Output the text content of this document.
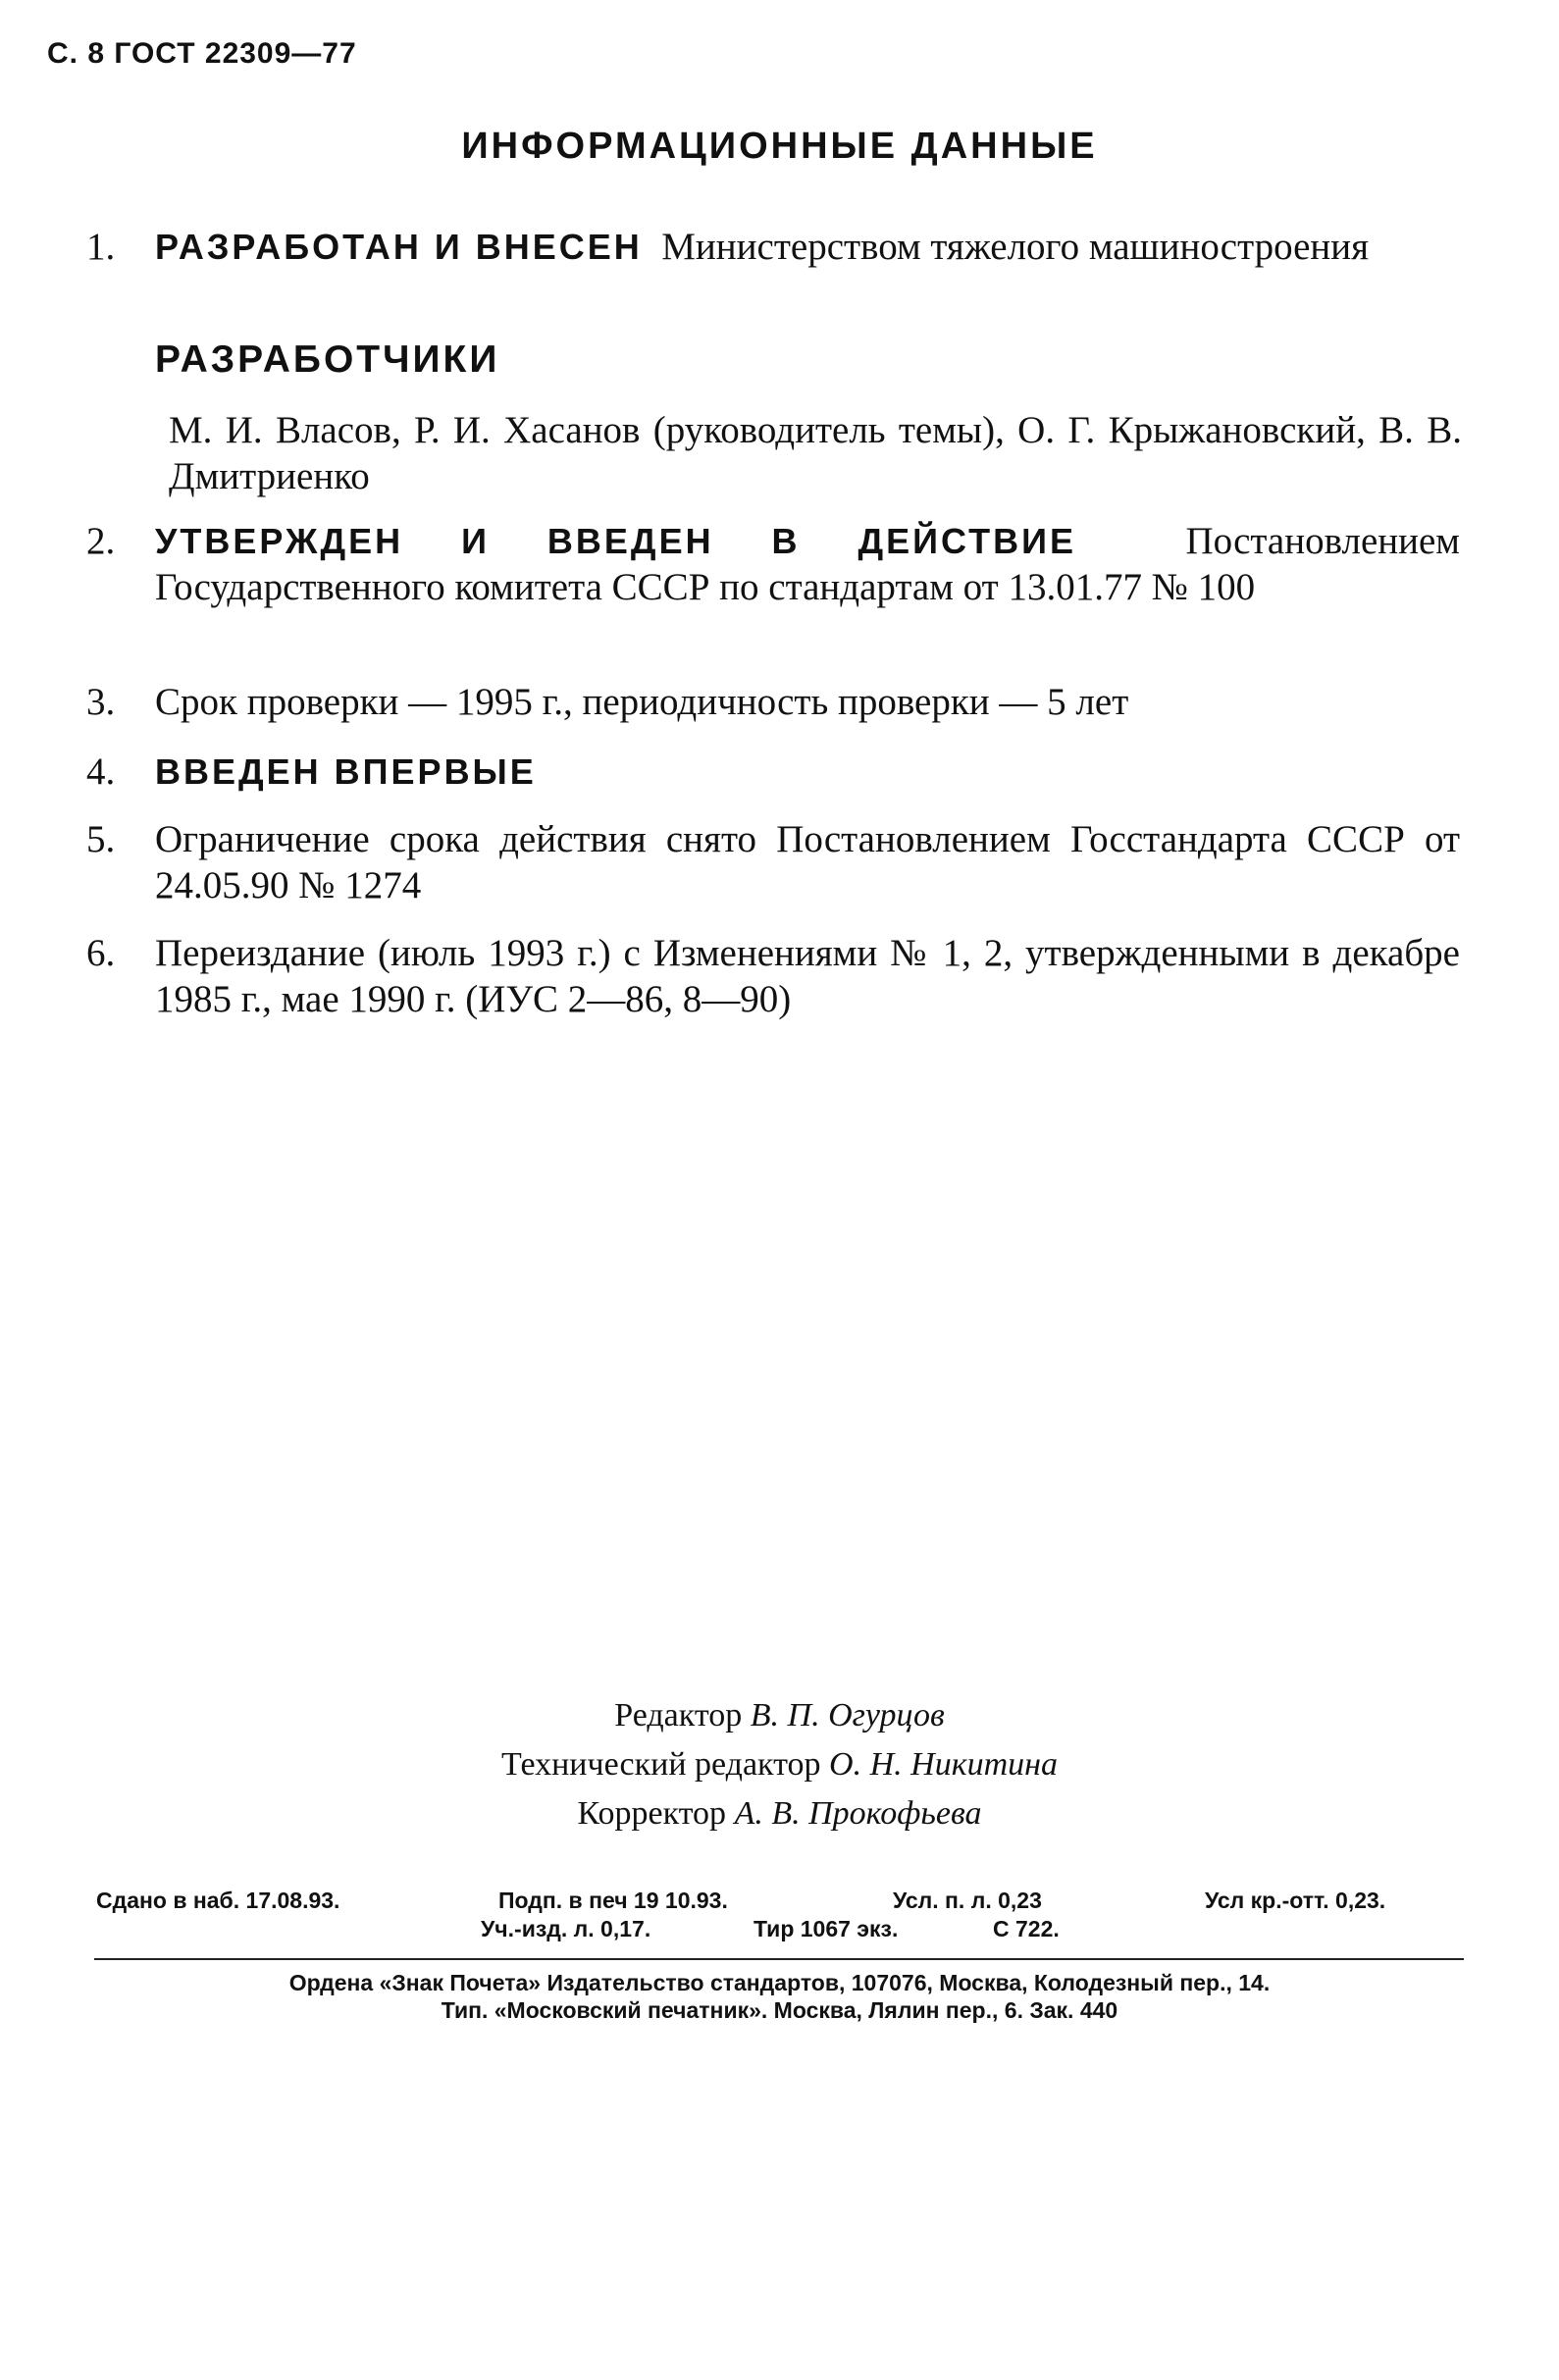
С. 8 ГОСТ 22309—77
ИНФОРМАЦИОННЫЕ ДАННЫЕ
1.	РАЗРАБОТАН И ВНЕСЕН Министерством тяжелого машиностроения
РАЗРАБОТЧИКИ
М. И. Власов, Р. И. Хасанов (руководитель темы), О. Г. Крыжановский, В. В. Дмитриенко
2.	УТВЕРЖДЕН И ВВЕДЕН В ДЕЙСТВИЕ	Постановлением Государственного комитета СССР по стандартам от 13.01.77 № 100
3.	Срок проверки — 1995 г., периодичность проверки — 5 лет
4.	ВВЕДЕН ВПЕРВЫЕ
5.	Ограничение срока действия снято Постановлением Госстандарта СССР от 24.05.90 № 1274
6.	Переиздание (июль 1993 г.) с Изменениями № 1, 2, утвержденными в декабре 1985 г., мае 1990 г. (ИУС 2—86, 8—90)
Редактор В. П. Огурцов
Технический редактор О. Н. Никитина
Корректор А. В. Прокофьева
Сдано в наб. 17.08.93.	Подп. в печ 19 10.93.	Усл. п. л. 0,23	Усл кр.-отт. 0,23.
Уч.-изд. л. 0,17.	Тир 1067 экз.	С 722.
Ордена «Знак Почета» Издательство стандартов, 107076, Москва, Колодезный пер., 14.
Тип. «Московский печатник». Москва, Лялин пер., 6. Зак. 440
